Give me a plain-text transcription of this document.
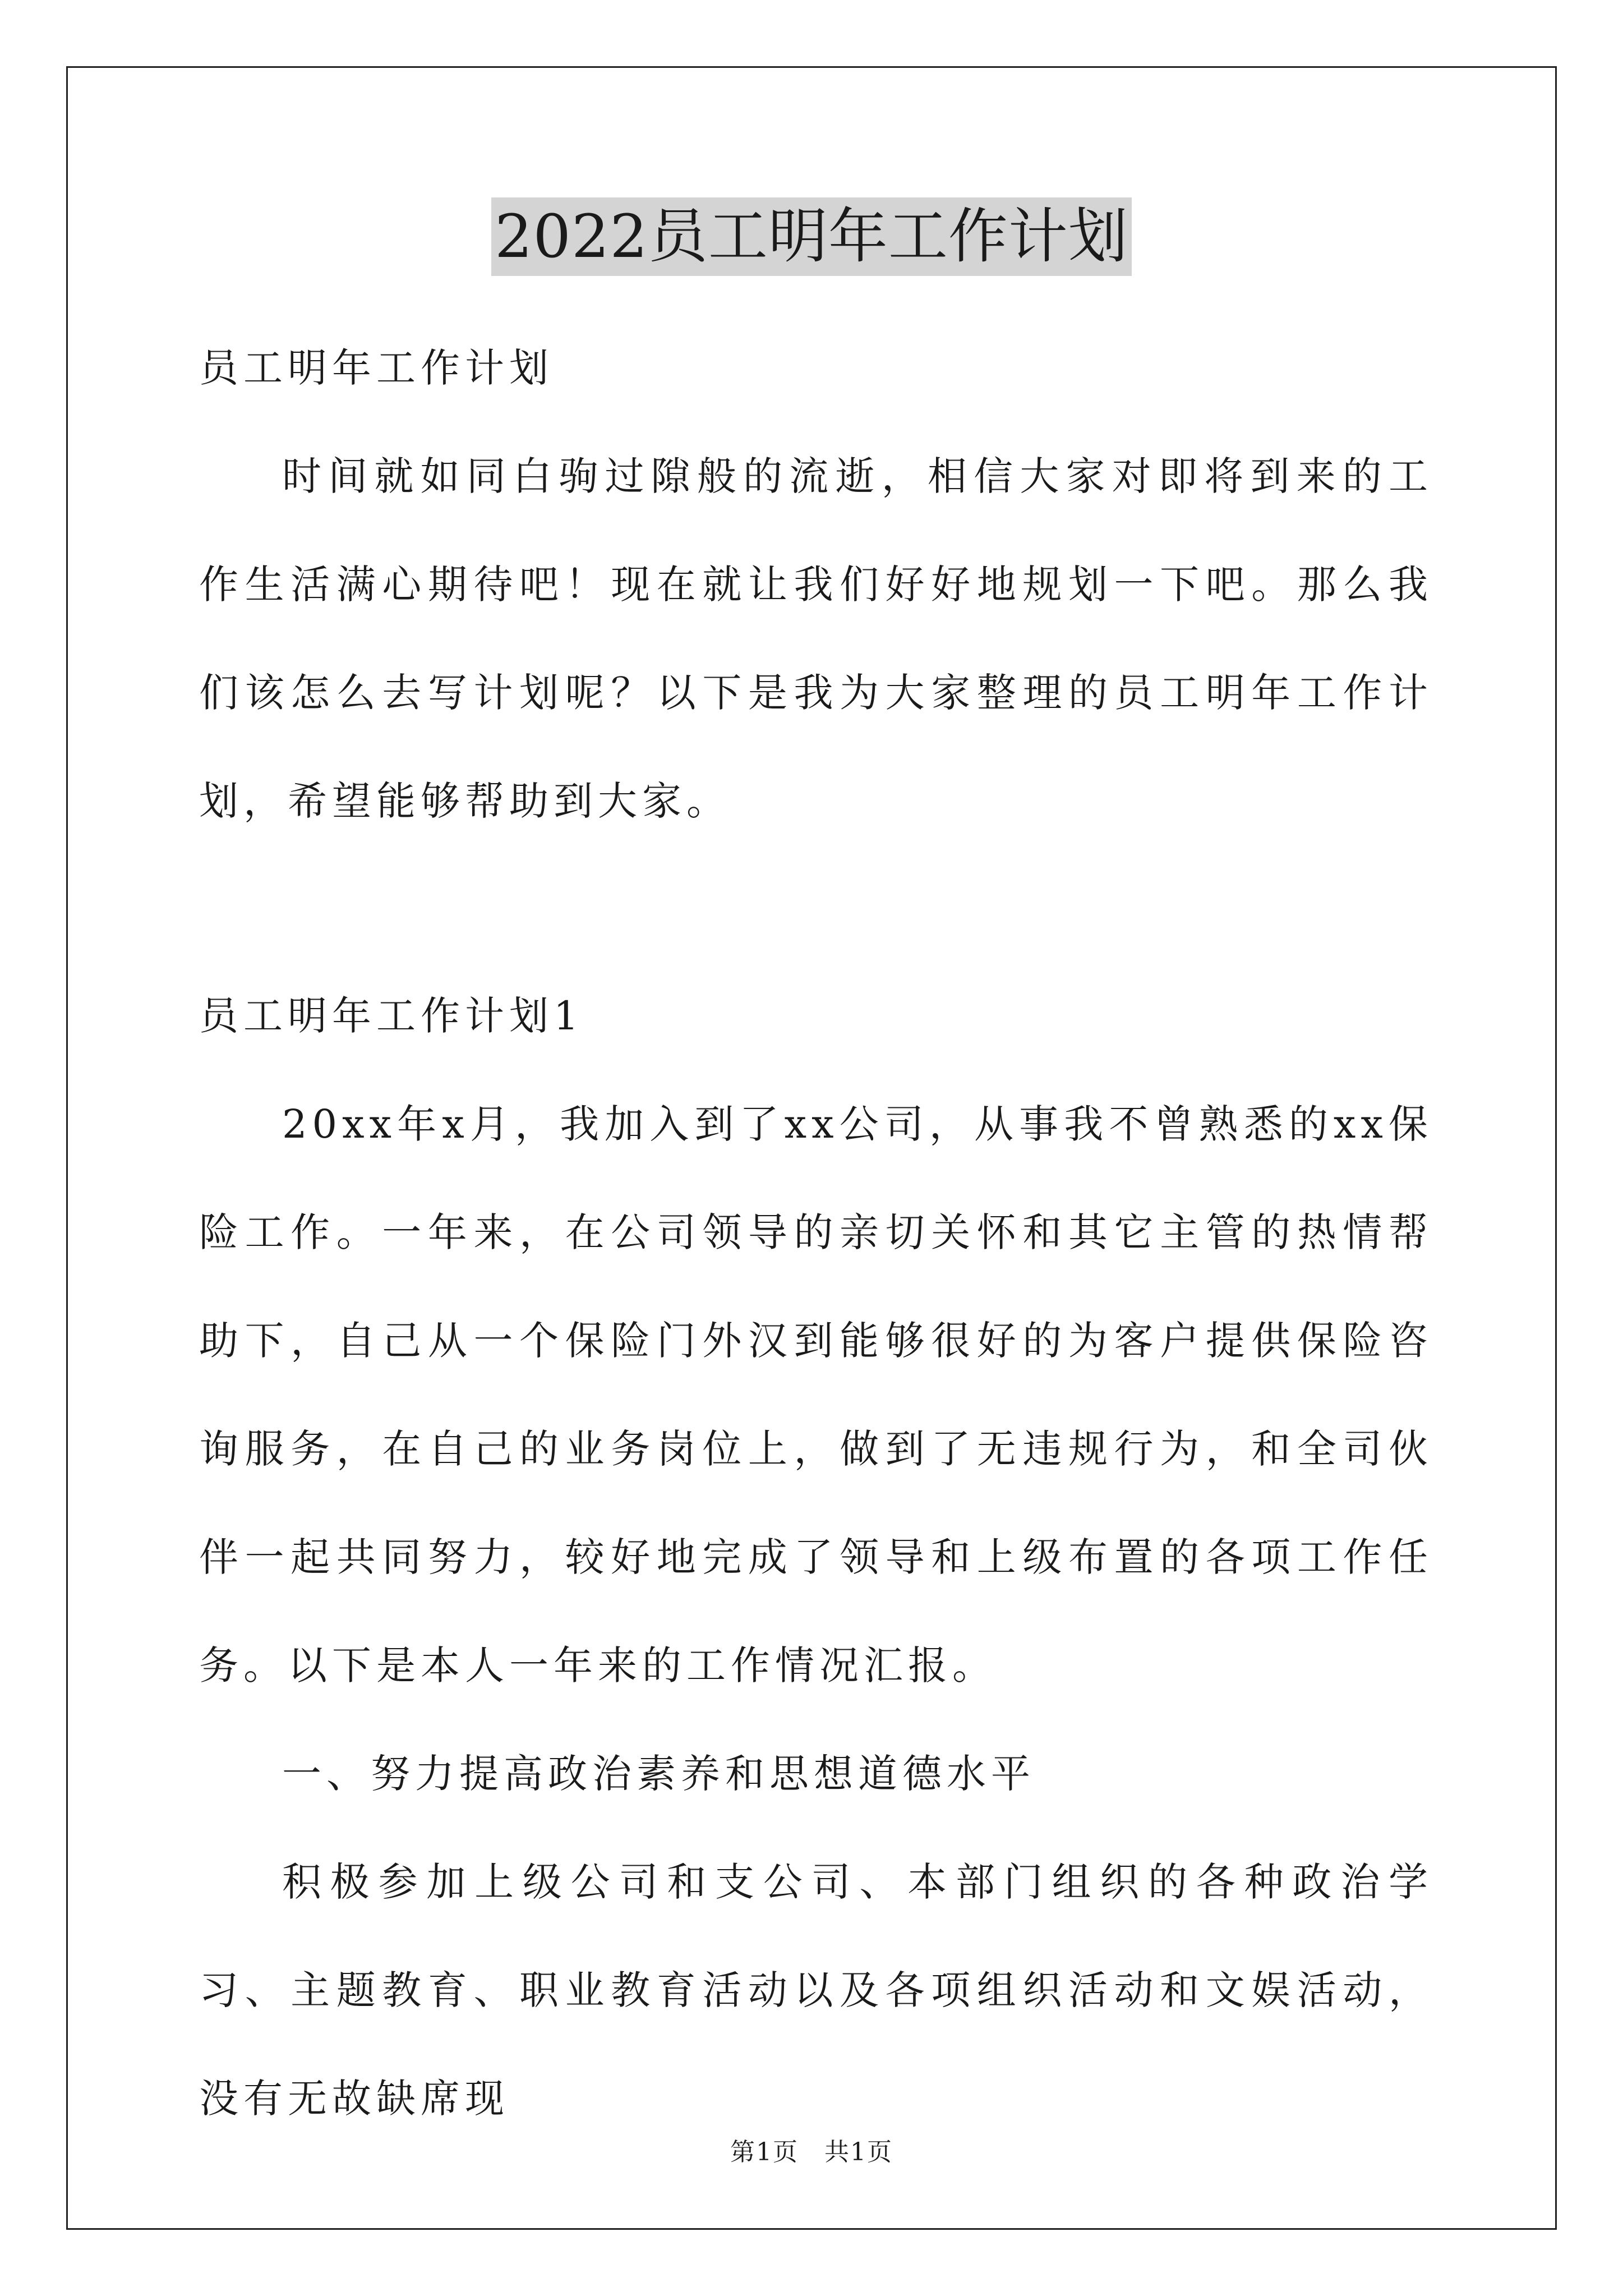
2022员工明年工作计划

员工明年工作计划

时间就如同白驹过隙般的流逝，相信大家对即将到来的工作生活满心期待吧！现在就让我们好好地规划一下吧。那么我们该怎么去写计划呢？以下是我为大家整理的员工明年工作计划，希望能够帮助到大家。

员工明年工作计划1

20xx年x月，我加入到了xx公司，从事我不曾熟悉的xx保险工作。一年来，在公司领导的亲切关怀和其它主管的热情帮助下，自己从一个保险门外汉到能够很好的为客户提供保险咨询服务，在自己的业务岗位上，做到了无违规行为，和全司伙伴一起共同努力，较好地完成了领导和上级布置的各项工作任务。以下是本人一年来的工作情况汇报。

一、努力提高政治素养和思想道德水平

积极参加上级公司和支公司、本部门组织的各种政治学习、主题教育、职业教育活动以及各项组织活动和文娱活动，没有无故缺席现

第1页　共1页
